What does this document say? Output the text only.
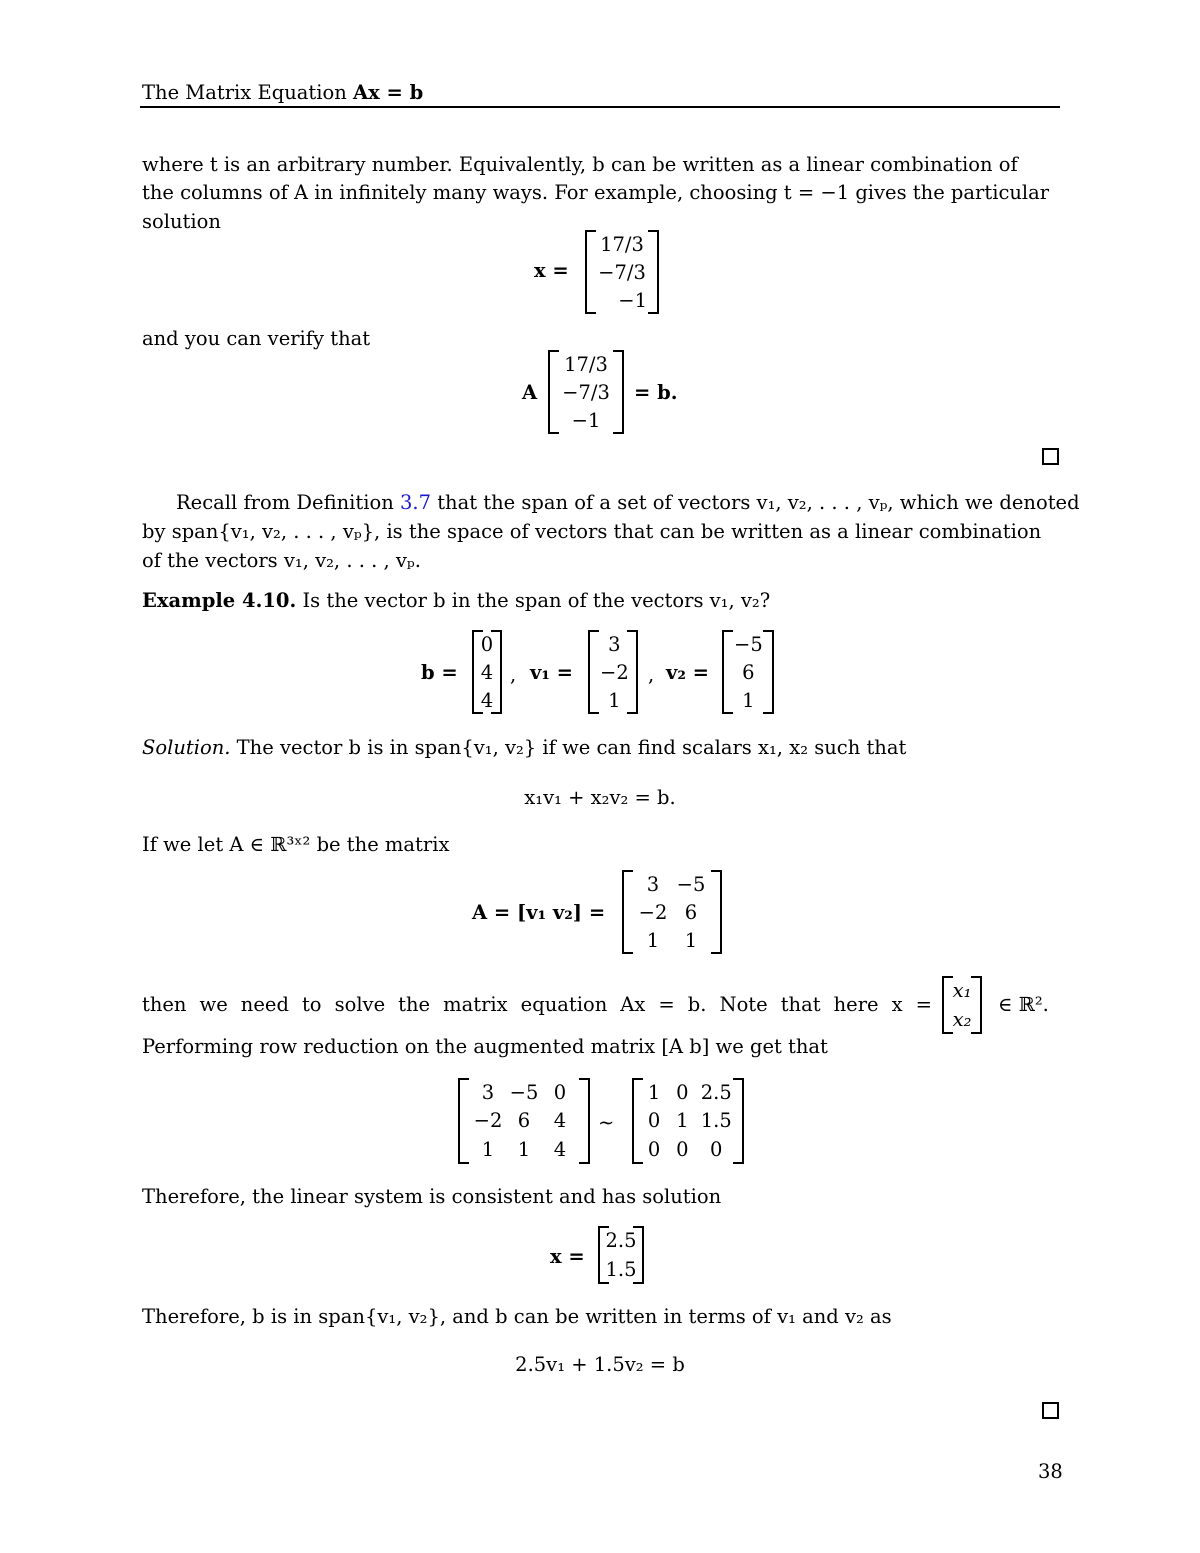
The Matrix Equation Ax = b
where t is an arbitrary number. Equivalently, b can be written as a linear combination of
the columns of A in infinitely many ways. For example, choosing t = −1 gives the particular
solution
x =
17/3
−7/3
−1
and you can verify that
A
17/3
−7/3
−1
= b.
Recall from Definition 3.7 that the span of a set of vectors v₁, v₂, . . . , vₚ, which we denoted
by span{v₁, v₂, . . . , vₚ}, is the space of vectors that can be written as a linear combination
of the vectors v₁, v₂, . . . , vₚ.
Example 4.10. Is the vector b in the span of the vectors v₁, v₂?
b =
0
4
4
, v₁ =
3
−2
1
, v₂ =
−5
6
1
Solution. The vector b is in span{v₁, v₂} if we can find scalars x₁, x₂ such that
x₁v₁ + x₂v₂ = b.
If we let A ∈ ℝ³ˣ² be the matrix
A = [v₁ v₂] =
3 −5
−2 6
1 1
then we need to solve the matrix equation Ax = b. Note that here x =
x₁
x₂
∈ ℝ².
Performing row reduction on the augmented matrix [A b] we get that
3 −5 0
−2 6 4
1 1 4
∼
1 0 2.5
0 1 1.5
0 0 0
Therefore, the linear system is consistent and has solution
x =
2.5
1.5
Therefore, b is in span{v₁, v₂}, and b can be written in terms of v₁ and v₂ as
2.5v₁ + 1.5v₂ = b
38
